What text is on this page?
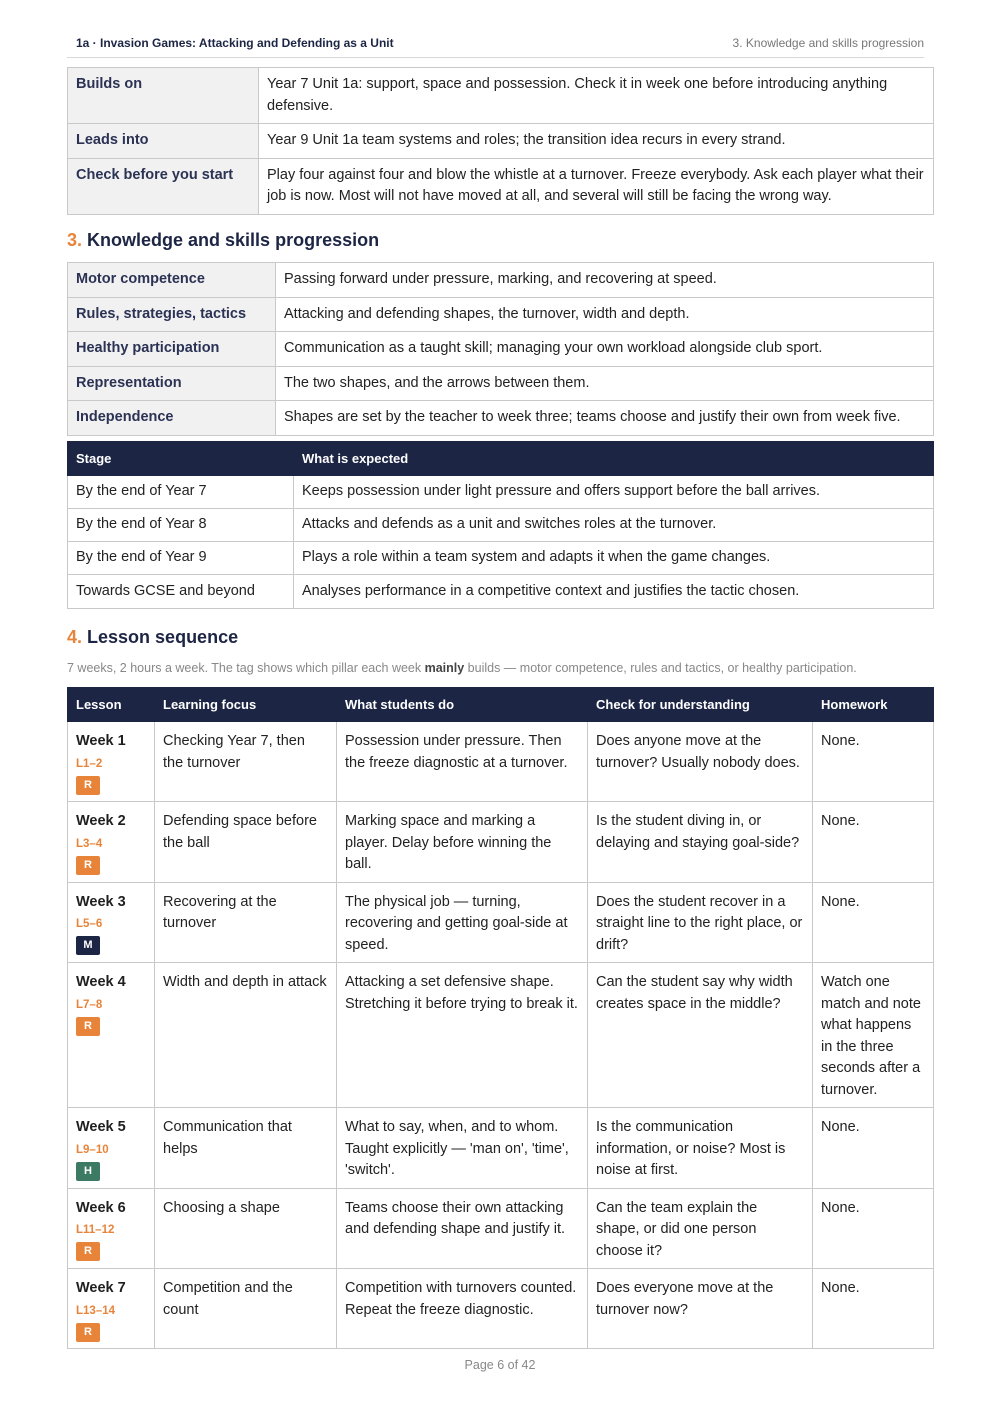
1a · Invasion Games: Attacking and Defending as a Unit	3. Knowledge and skills progression
Builds on	Year 7 Unit 1a: support, space and possession. Check it in week one before introducing anything defensive.
Leads into	Year 9 Unit 1a team systems and roles; the transition idea recurs in every strand.
Check before you start	Play four against four and blow the whistle at a turnover. Freeze everybody. Ask each player what their job is now. Most will not have moved at all, and several will still be facing the wrong way.
3. Knowledge and skills progression
Motor competence	Passing forward under pressure, marking, and recovering at speed.
Rules, strategies, tactics	Attacking and defending shapes, the turnover, width and depth.
Healthy participation	Communication as a taught skill; managing your own workload alongside club sport.
Representation	The two shapes, and the arrows between them.
Independence	Shapes are set by the teacher to week three; teams choose and justify their own from week five.
Stage	What is expected
By the end of Year 7	Keeps possession under light pressure and offers support before the ball arrives.
By the end of Year 8	Attacks and defends as a unit and switches roles at the turnover.
By the end of Year 9	Plays a role within a team system and adapts it when the game changes.
Towards GCSE and beyond	Analyses performance in a competitive context and justifies the tactic chosen.
4. Lesson sequence
7 weeks, 2 hours a week. The tag shows which pillar each week mainly builds — motor competence, rules and tactics, or healthy participation.
Lesson	Learning focus	What students do	Check for understanding	Homework

Week 1
L1–2
R	Checking Year 7, then the turnover	Possession under pressure. Then the freeze diagnostic at a turnover.	Does anyone move at the turnover? Usually nobody does.	None.

Week 2
L3–4
R	Defending space before the ball	Marking space and marking a player. Delay before winning the ball.	Is the student diving in, or delaying and staying goal-side?	None.

Week 3
L5–6
M	Recovering at the turnover	The physical job — turning, recovering and getting goal-side at speed.	Does the student recover in a straight line to the right place, or drift?	None.

Week 4
L7–8
R	Width and depth in attack	Attacking a set defensive shape. Stretching it before trying to break it.	Can the student say why width creates space in the middle?	Watch one match and note what happens in the three seconds after a turnover.

Week 5
L9–10
H	Communication that helps	What to say, when, and to whom. Taught explicitly — 'man on', 'time', 'switch'.	Is the communication information, or noise? Most is noise at first.	None.

Week 6
L11–12
R	Choosing a shape	Teams choose their own attacking and defending shape and justify it.	Can the team explain the shape, or did one person choose it?	None.

Week 7
L13–14
R	Competition and the count	Competition with turnovers counted. Repeat the freeze diagnostic.	Does everyone move at the turnover now?	None.
Page 6 of 42
